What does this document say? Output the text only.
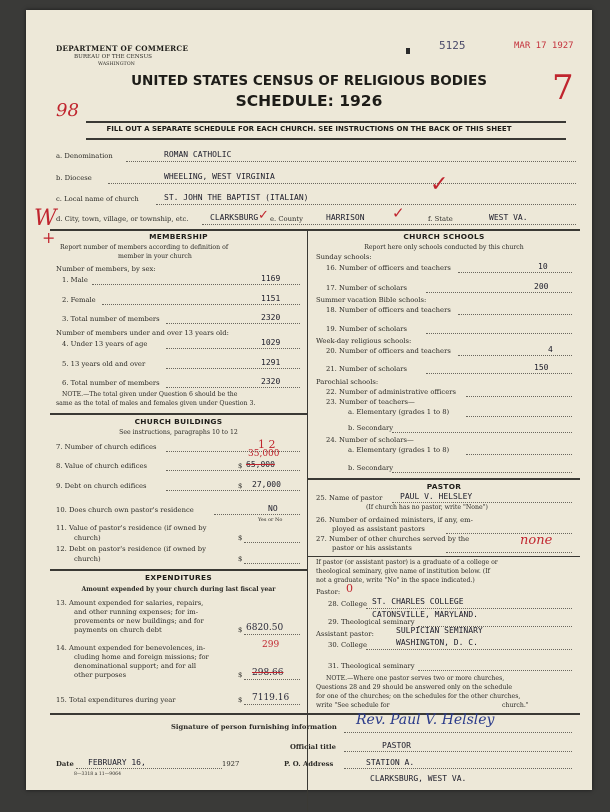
DEPARTMENT OF COMMERCE
BUREAU OF THE CENSUS
WASHINGTON
5125	MAR 17 1927
7
UNITED STATES CENSUS OF RELIGIOUS BODIES
SCHEDULE: 1926
98
FILL OUT A SEPARATE SCHEDULE FOR EACH CHURCH. SEE INSTRUCTIONS ON THE BACK OF THIS SHEET
a. Denomination	ROMAN CATHOLIC
b. Diocese	WHEELING, WEST VIRGINIA
c. Local name of church	ST. JOHN THE BAPTIST (ITALIAN)
✓
W
+
d. City, town, village, or township, etc.	CLARKSBURG e. County	HARRISON	f. State	WEST VA.
✓	✓
MEMBERSHIP
Report number of members according to definition of
member in your church
Number of members, by sex:
1. Male	1169
2. Female	1151
3. Total number of members	2320
Number of members under and over 13 years old:
4. Under 13 years of age	1029
5. 13 years old and over	1291
6. Total number of members	2320
NOTE.—The total given under Question 6 should be the
same as the total of males and females given under Question 3.
CHURCH BUILDINGS
See instructions, paragraphs 10 to 12
7. Number of church edifices	1 2
35,000
8. Value of church edifices	$ 65,000
9. Debt on church edifices	$ 27,000
10. Does church own pastor's residence	NO
Yes or No
11. Value of pastor's residence (if owned by
church)	$
12. Debt on pastor's residence (if owned by
church)	$
EXPENDITURES
Amount expended by your church during last fiscal year
13. Amount expended for salaries, repairs,
and other running expenses; for im-
provements or new buildings; and for
payments on church debt	$ 6820.50
299
14. Amount expended for benevolences, in-
cluding home and foreign missions; for
denominational support; and for all
other purposes	$ 298.66
15. Total expenditures during year	$ 7119.16
CHURCH SCHOOLS
Report here only schools conducted by this church
Sunday schools:
16. Number of officers and teachers	10
17. Number of scholars	200
Summer vacation Bible schools:
18. Number of officers and teachers
19. Number of scholars
Week-day religious schools:
20. Number of officers and teachers	4
21. Number of scholars	150
Parochial schools:
22. Number of administrative officers
23. Number of teachers—
a. Elementary (grades 1 to 8)
b. Secondary
24. Number of scholars—
a. Elementary (grades 1 to 8)
b. Secondary
PASTOR
25. Name of pastor PAUL V. HELSLEY
(If church has no pastor, write "None")
26. Number of ordained ministers, if any, em-
ployed as assistant pastors
27. Number of other churches served by the
pastor or his assistants	none
If pastor (or assistant pastor) is a graduate of a college or
theological seminary, give name of institution below. (If
not a graduate, write "No" in the space indicated.)
Pastor: 0
28. College ST. CHARLES COLLEGE
CATONSVILLE, MARYLAND.
29. Theological seminary
Assistant pastor:	SULPICIAN SEMINARY
30. College	WASHINGTON, D. C.
31. Theological seminary
NOTE.—Where one pastor serves two or more churches,
Questions 28 and 29 should be answered only on the schedule
for one of the churches; on the schedules for the other churches,
write "See schedule for	church."
Signature of person furnishing information Rev. Paul V. Helsley
Official title	PASTOR
Date FEBRUARY 16,	1927
8—3318 a 11—9064
P. O. Address	STATION A.
CLARKSBURG, WEST VA.
